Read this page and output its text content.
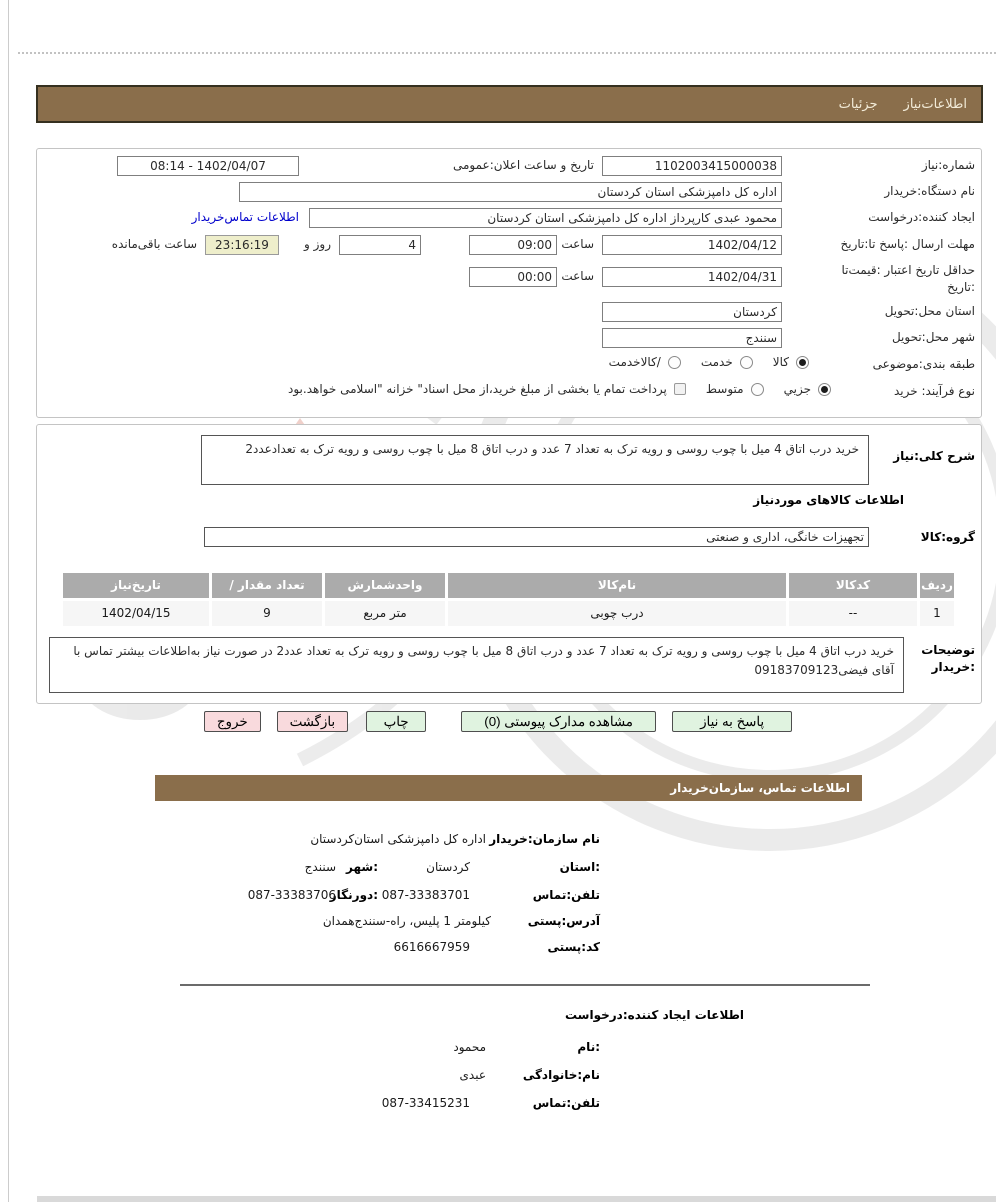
اطلاعات‌نیاز
جزئیات
شماره:نیاز
1102003415000038
تاریخ و ساعت اعلان:عمومی
08:14 - 1402/04/07
نام دستگاه:خریدار
اداره کل دامپزشکی استان کردستان
ایجاد کننده:درخواست
محمود عبدی کارپرداز اداره کل دامپزشکی استان کردستان
اطلاعات تماس‌خریدار
مهلت ارسال :پاسخ تا:تاریخ
1402/04/12
ساعت
09:00
4
روز و
23:16:19
ساعت باقی‌مانده
حداقل تاریخ اعتبار :قیمت‌تا
:تاریخ
1402/04/31
ساعت
00:00
استان محل:تحویل
کردستان
شهر محل:تحویل
سنندج
طبقه بندی:موضوعی
کالا
خدمت
/کالاخدمت
نوع فرآیند: خرید
جزيي
متوسط
پرداخت تمام یا بخشی از مبلغ خرید،از محل اسناد" خزانه "اسلامی خواهد.بود
شرح کلی:نیاز
خرید درب اتاق 4 میل با چوب روسی و رویه ترک به تعداد 7 عدد و درب اتاق 8 میل با چوب روسی و رویه ترک به تعدادعدد2
اطلاعات کالاهای موردنیاز
گروه:کالا
تجهیزات خانگی، اداری و صنعتی
ردیف
کدکالا
نام‌کالا
واحدشمارش
تعداد مقدار /
تاریخ‌نیاز
1
--
درب چوبی
متر مربع
9
1402/04/15
توضیحات
:خریدار
خرید درب اتاق 4 میل با چوب روسی و رویه ترک به تعداد 7 عدد و درب اتاق 8 میل با چوب روسی و رویه ترک به تعداد عدد2 در صورت نیاز به‌اطلاعات بیشتر تماس با آقای فیضی09183709123
پاسخ به نیاز
مشاهده مدارک پیوستی (0)
چاپ
بازگشت
خروج
اطلاعات تماس، سازمان‌خریدار
نام سازمان:خریدار
اداره کل دامپزشکی استان‌کردستان
:استان
کردستان
:شهر
سنندج
تلفن:تماس
087-33383701
:دورنگار
087-33383706
آدرس:پستی
کیلومتر 1 پلیس، راه-سنندج‌همدان
کد:پستی
6616667959
اطلاعات ایجاد کننده:درخواست
:نام
محمود
نام:خانوادگی
عبدی
تلفن:تماس
087-33415231
